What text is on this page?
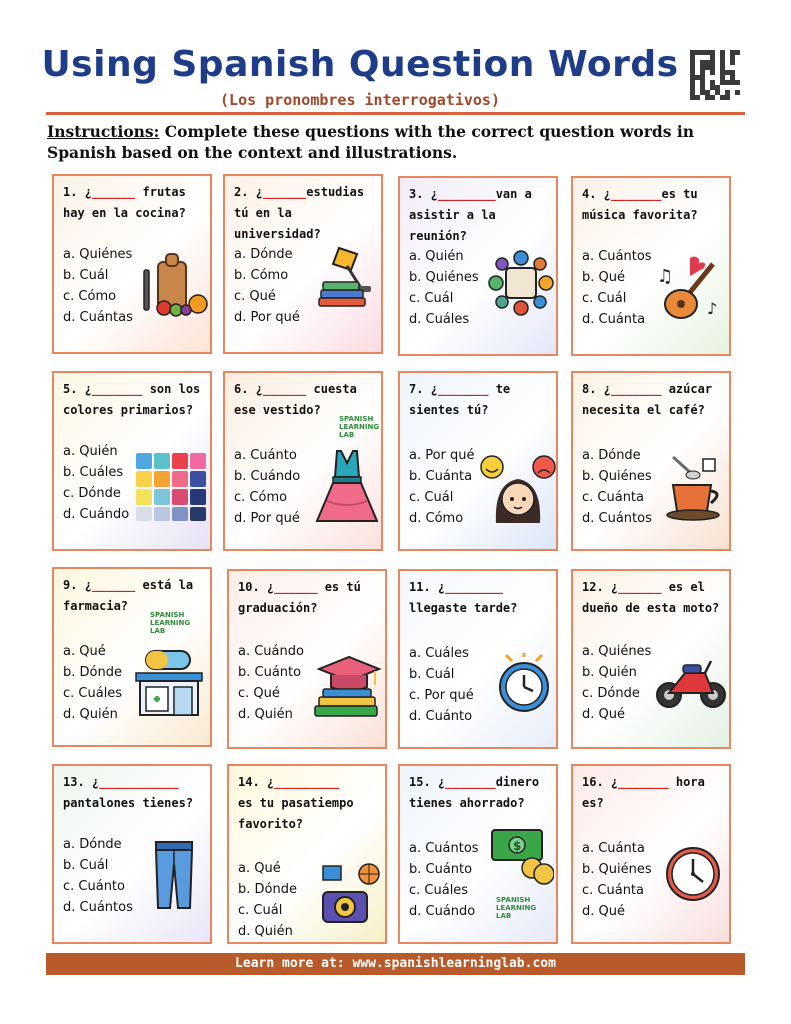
Using Spanish Question Words
(Los pronombres interrogativos)
Instructions: Complete these questions with the correct question words in Spanish based on the context and illustrations.
1. ¿______ frutas hay en la cocina?
a. Quiénes
b. Cuál
c. Cómo
d. Cuántas
2. ¿______estudias tú en la universidad?
a. Dónde
b. Cómo
c. Qué
d. Por qué
3. ¿________van a asistir a la reunión?
a. Quién
b. Quiénes
c. Cuál
d. Cuáles
4. ¿_______es tu música favorita?
a. Cuántos
b. Qué
c. Cuál
d. Cuánta
♫
♪
5. ¿_______ son los colores primarios?
a. Quién
b. Cuáles
c. Dónde
d. Cuándo
6. ¿______ cuesta ese vestido?
SPANISH LEARNING LAB
a. Cuánto
b. Cuándo
c. Cómo
d. Por qué
7. ¿_______ te sientes tú?
a. Por qué
b. Cuánta
c. Cuál
d. Cómo
8. ¿_______ azúcar necesita el café?
a. Dónde
b. Quiénes
c. Cuánta
d. Cuántos
9. ¿______ está la farmacia?
SPANISH LEARNING LAB
a. Qué
b. Dónde
c. Cuáles
d. Quién
10. ¿______ es tú graduación?
a. Cuándo
b. Cuánto
c. Qué
d. Quién
11. ¿________
llegaste tarde?
a. Cuáles
b. Cuál
c. Por qué
d. Cuánto
12. ¿______ es el dueño de esta moto?
a. Quiénes
b. Quién
c. Dónde
d. Qué
13. ¿___________
pantalones tienes?
a. Dónde
b. Cuál
c. Cuánto
d. Cuántos
14. ¿_________
es tu pasatiempo favorito?
a. Qué
b. Dónde
c. Cuál
d. Quién
15. ¿_______dinero tienes ahorrado?
SPANISH LEARNING LAB
a. Cuántos
b. Cuánto
c. Cuáles
d. Cuándo
$
16. ¿_______ hora es?
a. Cuánta
b. Quiénes
c. Cuánta
d. Qué
Learn more at: www.spanishlearninglab.com
